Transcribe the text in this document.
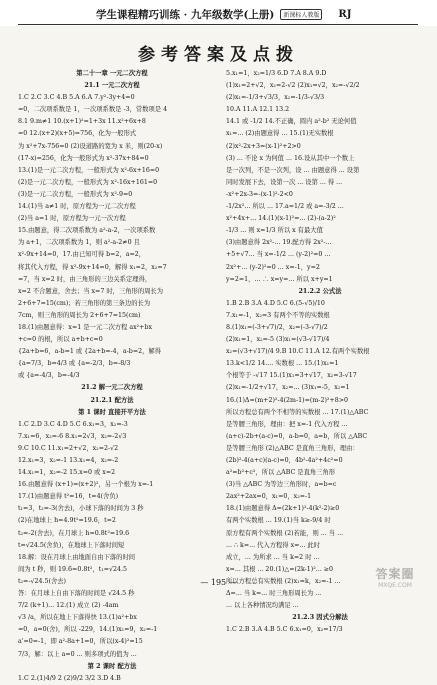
学生课程精巧训练 · 九年级数学(上册)	新课标人教版	RJ
参考答案及点拨
第二十一章 一元二次方程
21.1 一元二次方程
1.C 2.C 3.C 4.B 5.A 6.A 7.y²-3y+4=0
=0，二次项系数是 1，一次项系数是 -3，常数项是 4
8.1 9.m≠1 10.(x+1)²=1+3x 11.x²+6x+8
=0 12.(x+2)(x+5)=756，化为一般形式
为 x²+7x-756=0 (2)设道路的宽为 x 米，则(20-x)
(17-x)=256，化为一般形式为 x²-37x+84=0
13.(1)是一元二次方程，一般形式为 x²-6x+16=0
(2)是一元二次方程，一般形式为 x²-16x+161=0
(3)是一元二次方程，一般形式为 x²-9=0
14.(1)当 a≠1 时，原方程为一元二次方程
(2)当 a=1 时，原方程为一元一次方程
15.由题意，得二次项系数为 a²-a-2，一次项系数
为 a+1，二次项系数为 1，则 a²-a-2≠0 且
x²-9x+14=0，17.由已知可得 b=2，a=2，
将其代入方程，得 x²-9x+14=0，解得 x₁=2，x₂=7
=7，当 x=2 时，由三角形的三边关系定理得，
x=2 不合题意，舍去；当 x=7 时，三角形的周长为
2+6+7=15(cm)；若三角形的第三条边的长为
7cm，则三角形的周长为 2+6+7=15(cm)
18.(1)由题意得：x=1 是一元二次方程 ax²+bx
+c=0 的根，所以 a+b+c=0
{2a+b=6，a-b=1 或 {2a+b=-4，a-b=2，解得
{a=7/3，b=4/3 或 {a=-2/3，b=-8/3
或 {a=-4/3，b=-4/3
21.2 解一元二次方程
21.2.1 配方法
第 1 课时 直接开平方法
1.C 2.D 3.C 4.D 5.C 6.x₁=3，x₂=-3
7.x₁=6，x₂=-6 8.x₁=2√3，x₂=-2√3
9.C 10.C 11.x₁=2+√2，x₂=2-√2
12.x₁=3，x₂=-1 13.x₁=4，x₂=-2
14.x₁=1，x₂=-2 15.x=0 或 x=2
16.由题意得 (x+1)=(x+2)²，另一个根为 x=-1
17.(1)由题意得 t²=16，t=4(舍负)
t₁=3，t₂=-3(舍去)，小球下落的时间为 3 秒
(2)在地球上 h=4.9t²=19.6，t=2
t₂=-2(舍去)，在月球上 h=0.8t²=19.6
t=√24.5(舍负)，在地球上下落时间短
18.解：设在月球上由地面自由下落的时间
间为 t 秒，则 19.6=0.8t²，t₁=√24.5
t₂=-√24.5(舍去)
答：在月球上自由下落的时间是 √24.5 秒
7/2 (k+1)... 12.(1) 成立 (2) -4am
√3 /a，所以在地上下落得快 13.(1)a²+bx
=0，a=0(舍)，所以 -229，14.(1)x₁=9，x₂=-1
a'=0=-1，即 a²-8a+1=0，所以(x-4)²=15
7/3，解：以上 a=0 ... 则多项式的值为 ...
第 2 课时 配方法
1.C 2.(1)4/9 2 (2)9/2 3/2 3.D 4.B
5.x₁=1，x₂=1/3 6.D 7.A 8.A 9.D
(1)x₁=2+√2，x₂=2-√2 (2)x₁=√2，x₂=-√2/2
(2)x₁=-1/3+√3/3，x₂=-1/3-√3/3
10.A 11.A 12.1 13.2
14.1 或 -1/2 14.不正确，圆内 a²-b² 无论何值
x₁=... (2)由题意得 ... 15.(1)无实数根
(2)x²-2x+3=(x-1)²+2>0
(3) ... 不论 x 为何值 ... 16.设从其中一个数上
是一次列，不是一次列，设 ... 由题意得 ... 设第
同时发展下去，设第一次 ... 设第 ... 得 ...
-x²+2x-3=-(x-1)²-2<0
-1/2x²... 所以 ... 17.a=1/2 或 a=-3/2 ...
x²+4x+... 14.(1)(x-1)²=... (2)-(a-2)²
-1/3 ... 则 x=1/3 所以 x 有最大值
(3)由题意得 2x²-... 19.配方得 2x²-...
+5+√7... 当 x=-1/2 ... (y-2)²=0 ...
2x²+... (y-2)²=0 ... x=-1，y=2
y=2=1，... ∴ x=y=... 所以 x+y=1
21.2.2 公式法
1.B 2.B 3.A 4.D 5.C 6.(5-√5)/10
7.x₁=-1，x₂=3 有两个不等的实数根
8.(1)x₁=(-3+√7)/2，x₂=(-3-√7)/2
(2)x₁=1，x₂=-5 (3)x₁=(√3-√17)/4
x₂=(√3+√17)/4 9.B 10.C 11.A 12.有两个实数根
13.k<1/2 14.... 实数根 ... 15.(1)x₁=1
个根等于 -√17 15.(1)x₁=3+√17，x₂=3-√17
(2)x₁=-1/2+√17，x₂=... (3)x₁=-5，x₂=1
16.(1)Δ=(m+2)²-4(2m-1)=(m-2)²+8>0
所以方程总有两个不相等的实数根 ... 17.(1)△ABC
是等腰三角形，理由：把 x=-1 代入方程 ...
(a+c)-2b+(a-c)=0，a-b=0，a=b，所以 △ABC
是等腰三角形 (2)△ABC 是直角三角形，理由：
(2b)²-4(a+c)(a-c)=0，4b²-4a²+4c²=0
a²=b²+c²，所以 △ABC 是直角三角形
(3)当 △ABC 为等边三角形时，a=b=c
2ax²+2ax=0，x₁=0，x₂=-1
18.(1)由题意得 Δ=(2k+1)²-4(k²-2)≥0
有两个实数根 ... 19.(1)当 k≥-9/4 时
原方程有两个实数根 (2)若能，则 ... 当 ...
... ∴ k=... 代入方程得 x=... 此时
成立，... 为所求 ... 当 k=2 时 ...
x=... 其根 ... 20.(1)△=(2k-1)²... ≥0
所以方程总有实数根 (2)x₁=k，x₂=-1 ...
Δ=... 当 k=... 时三角形周长为 ...
... 以上各种情况均满足 ...
21.2.3 因式分解法
1.C 2.B 3.A 4.B 5.C 6.x₁=0，x₂=17/3
— 195 —
答案圈
MXQE.COM
